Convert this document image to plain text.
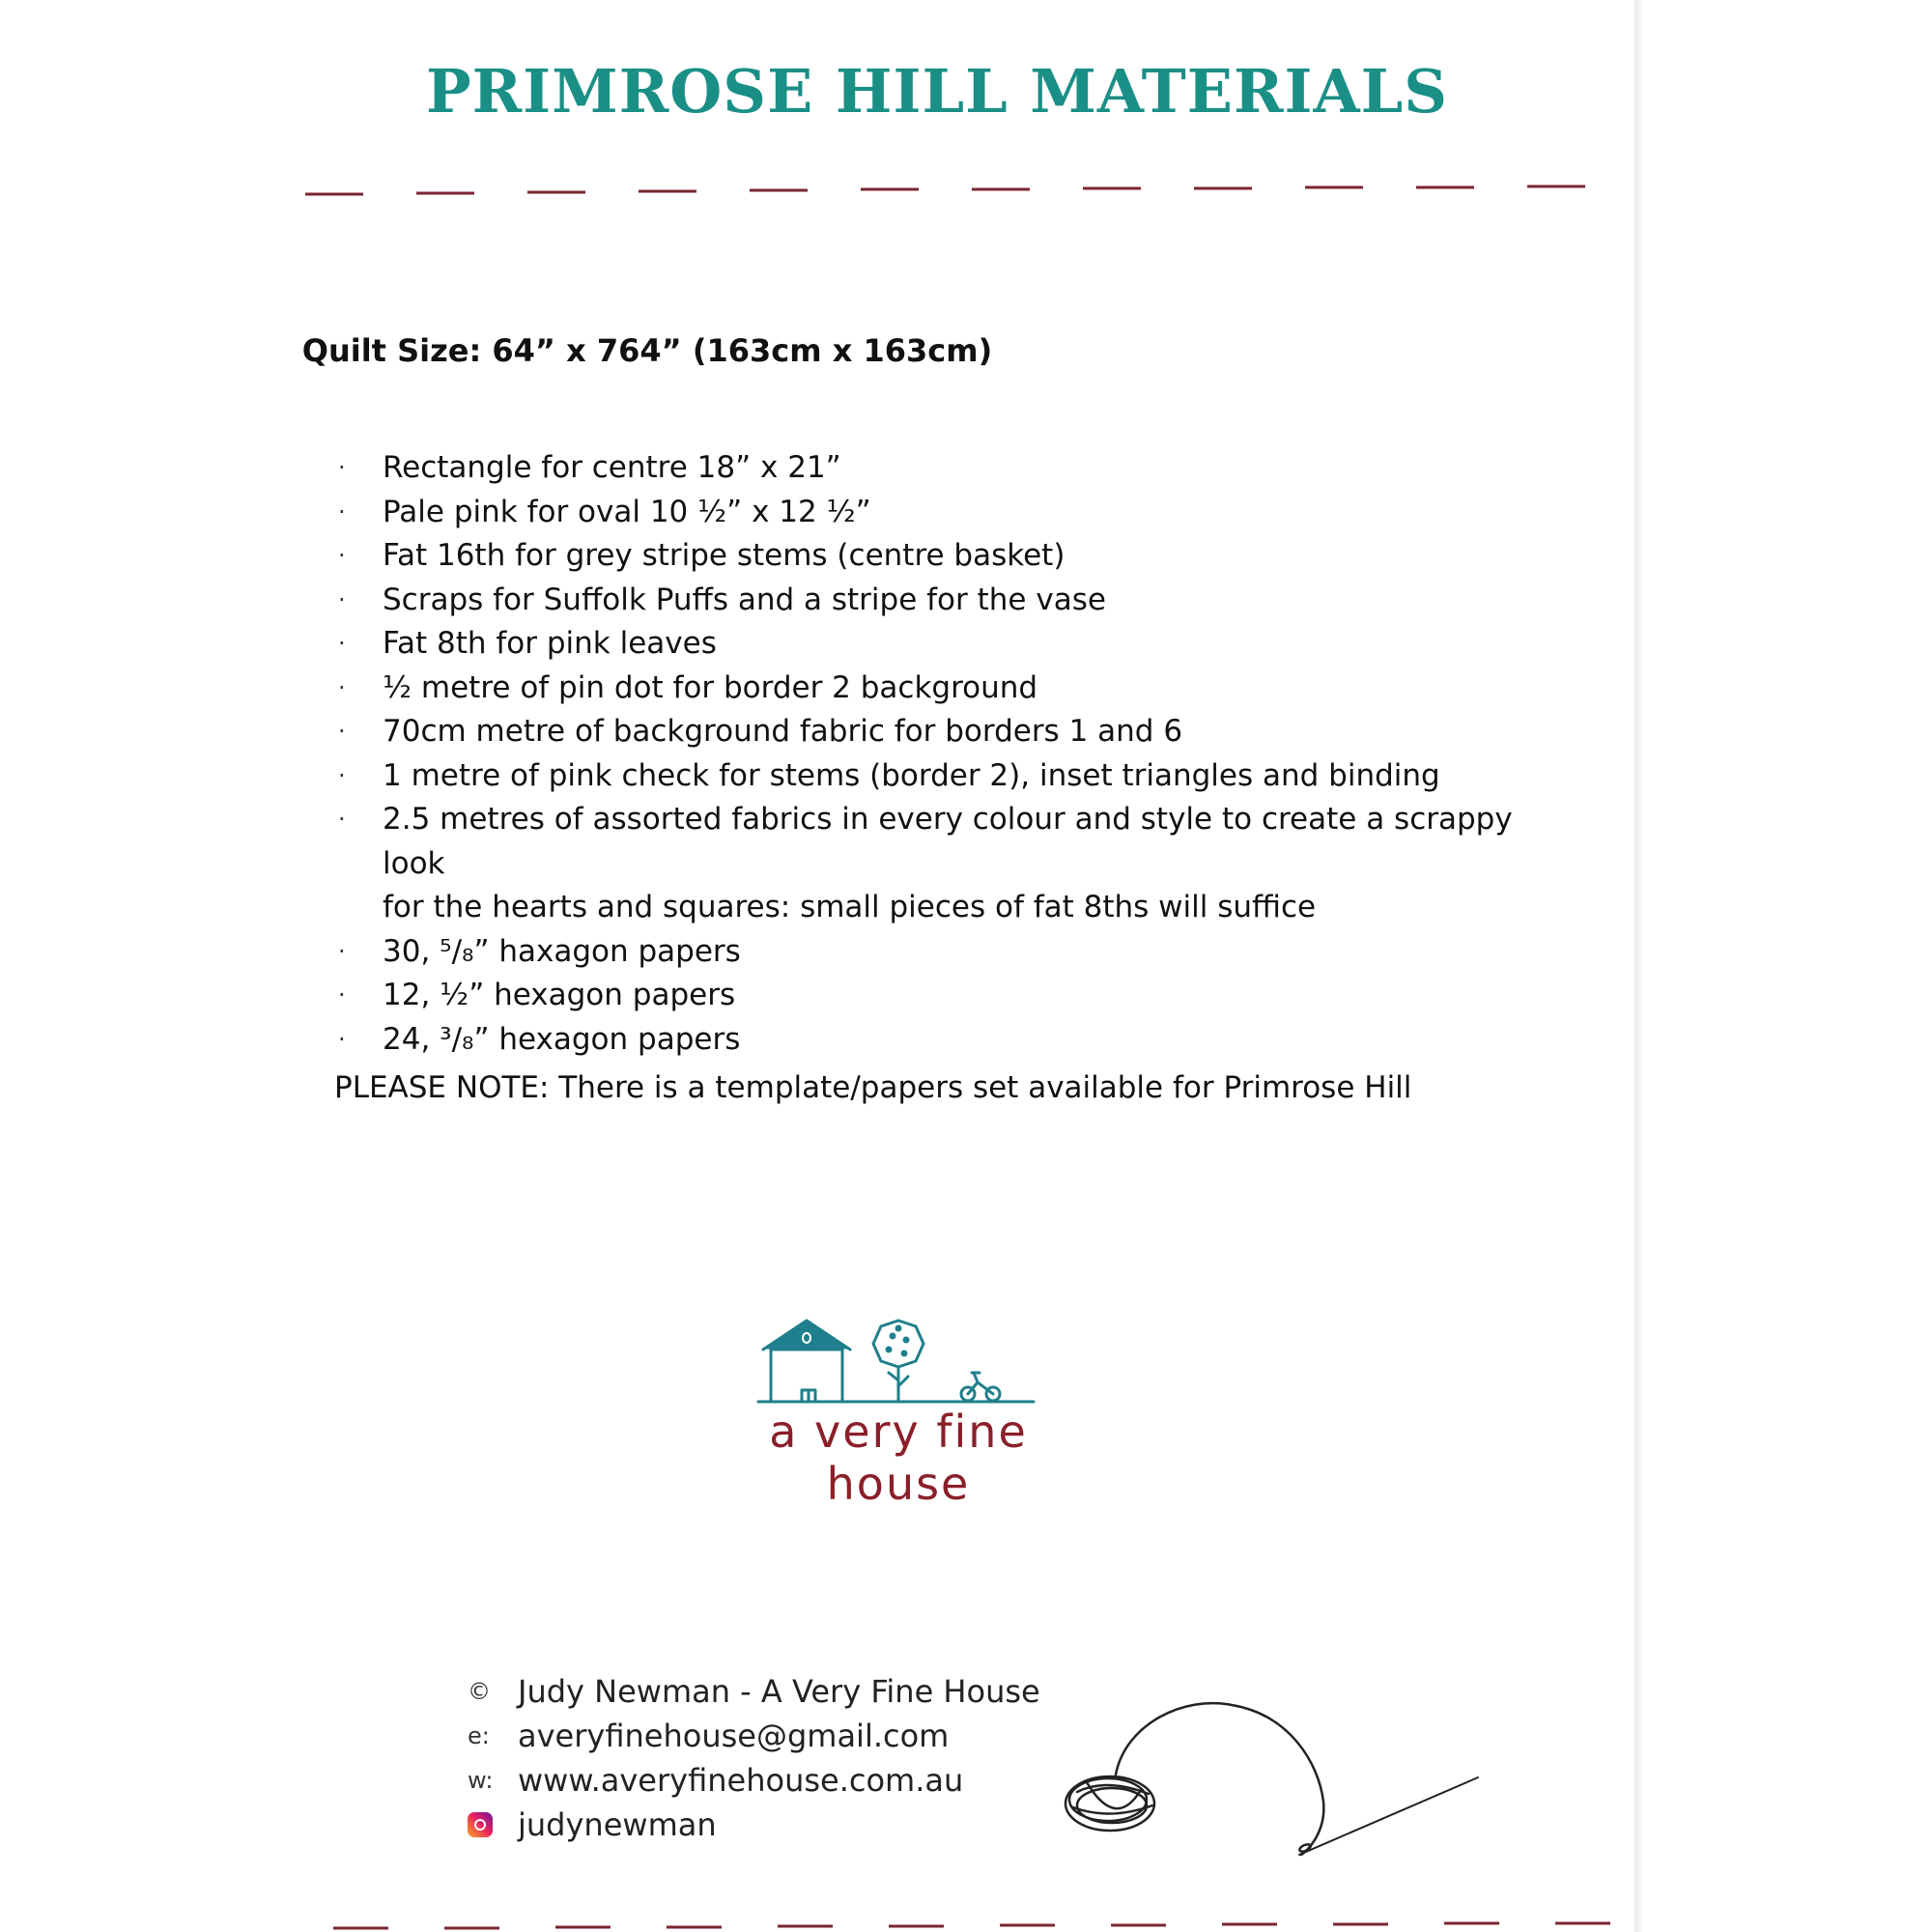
PRIMROSE HILL MATERIALS
Quilt Size: 64” x 764” (163cm x 163cm)
· Rectangle for centre 18” x 21”
· Pale pink for oval 10 ½” x 12 ½”
· Fat 16th for grey stripe stems (centre basket)
· Scraps for Suffolk Puffs and a stripe for the vase
· Fat 8th for pink leaves
· ½ metre of pin dot for border 2 background
· 70cm metre of background fabric for borders 1 and 6
· 1 metre of pink check for stems (border 2), inset triangles and binding
· 2.5 metres of assorted fabrics in every colour and style to create a scrappy look
for the hearts and squares: small pieces of fat 8ths will suffice
· 30, ⁵/₈” haxagon papers
· 12, ½” hexagon papers
· 24, ³/₈” hexagon papers
PLEASE NOTE: There is a template/papers set available for Primrose Hill
a very fine house
© Judy Newman - A Very Fine House
e: averyfinehouse@gmail.com
w: www.averyfinehouse.com.au
judynewman
